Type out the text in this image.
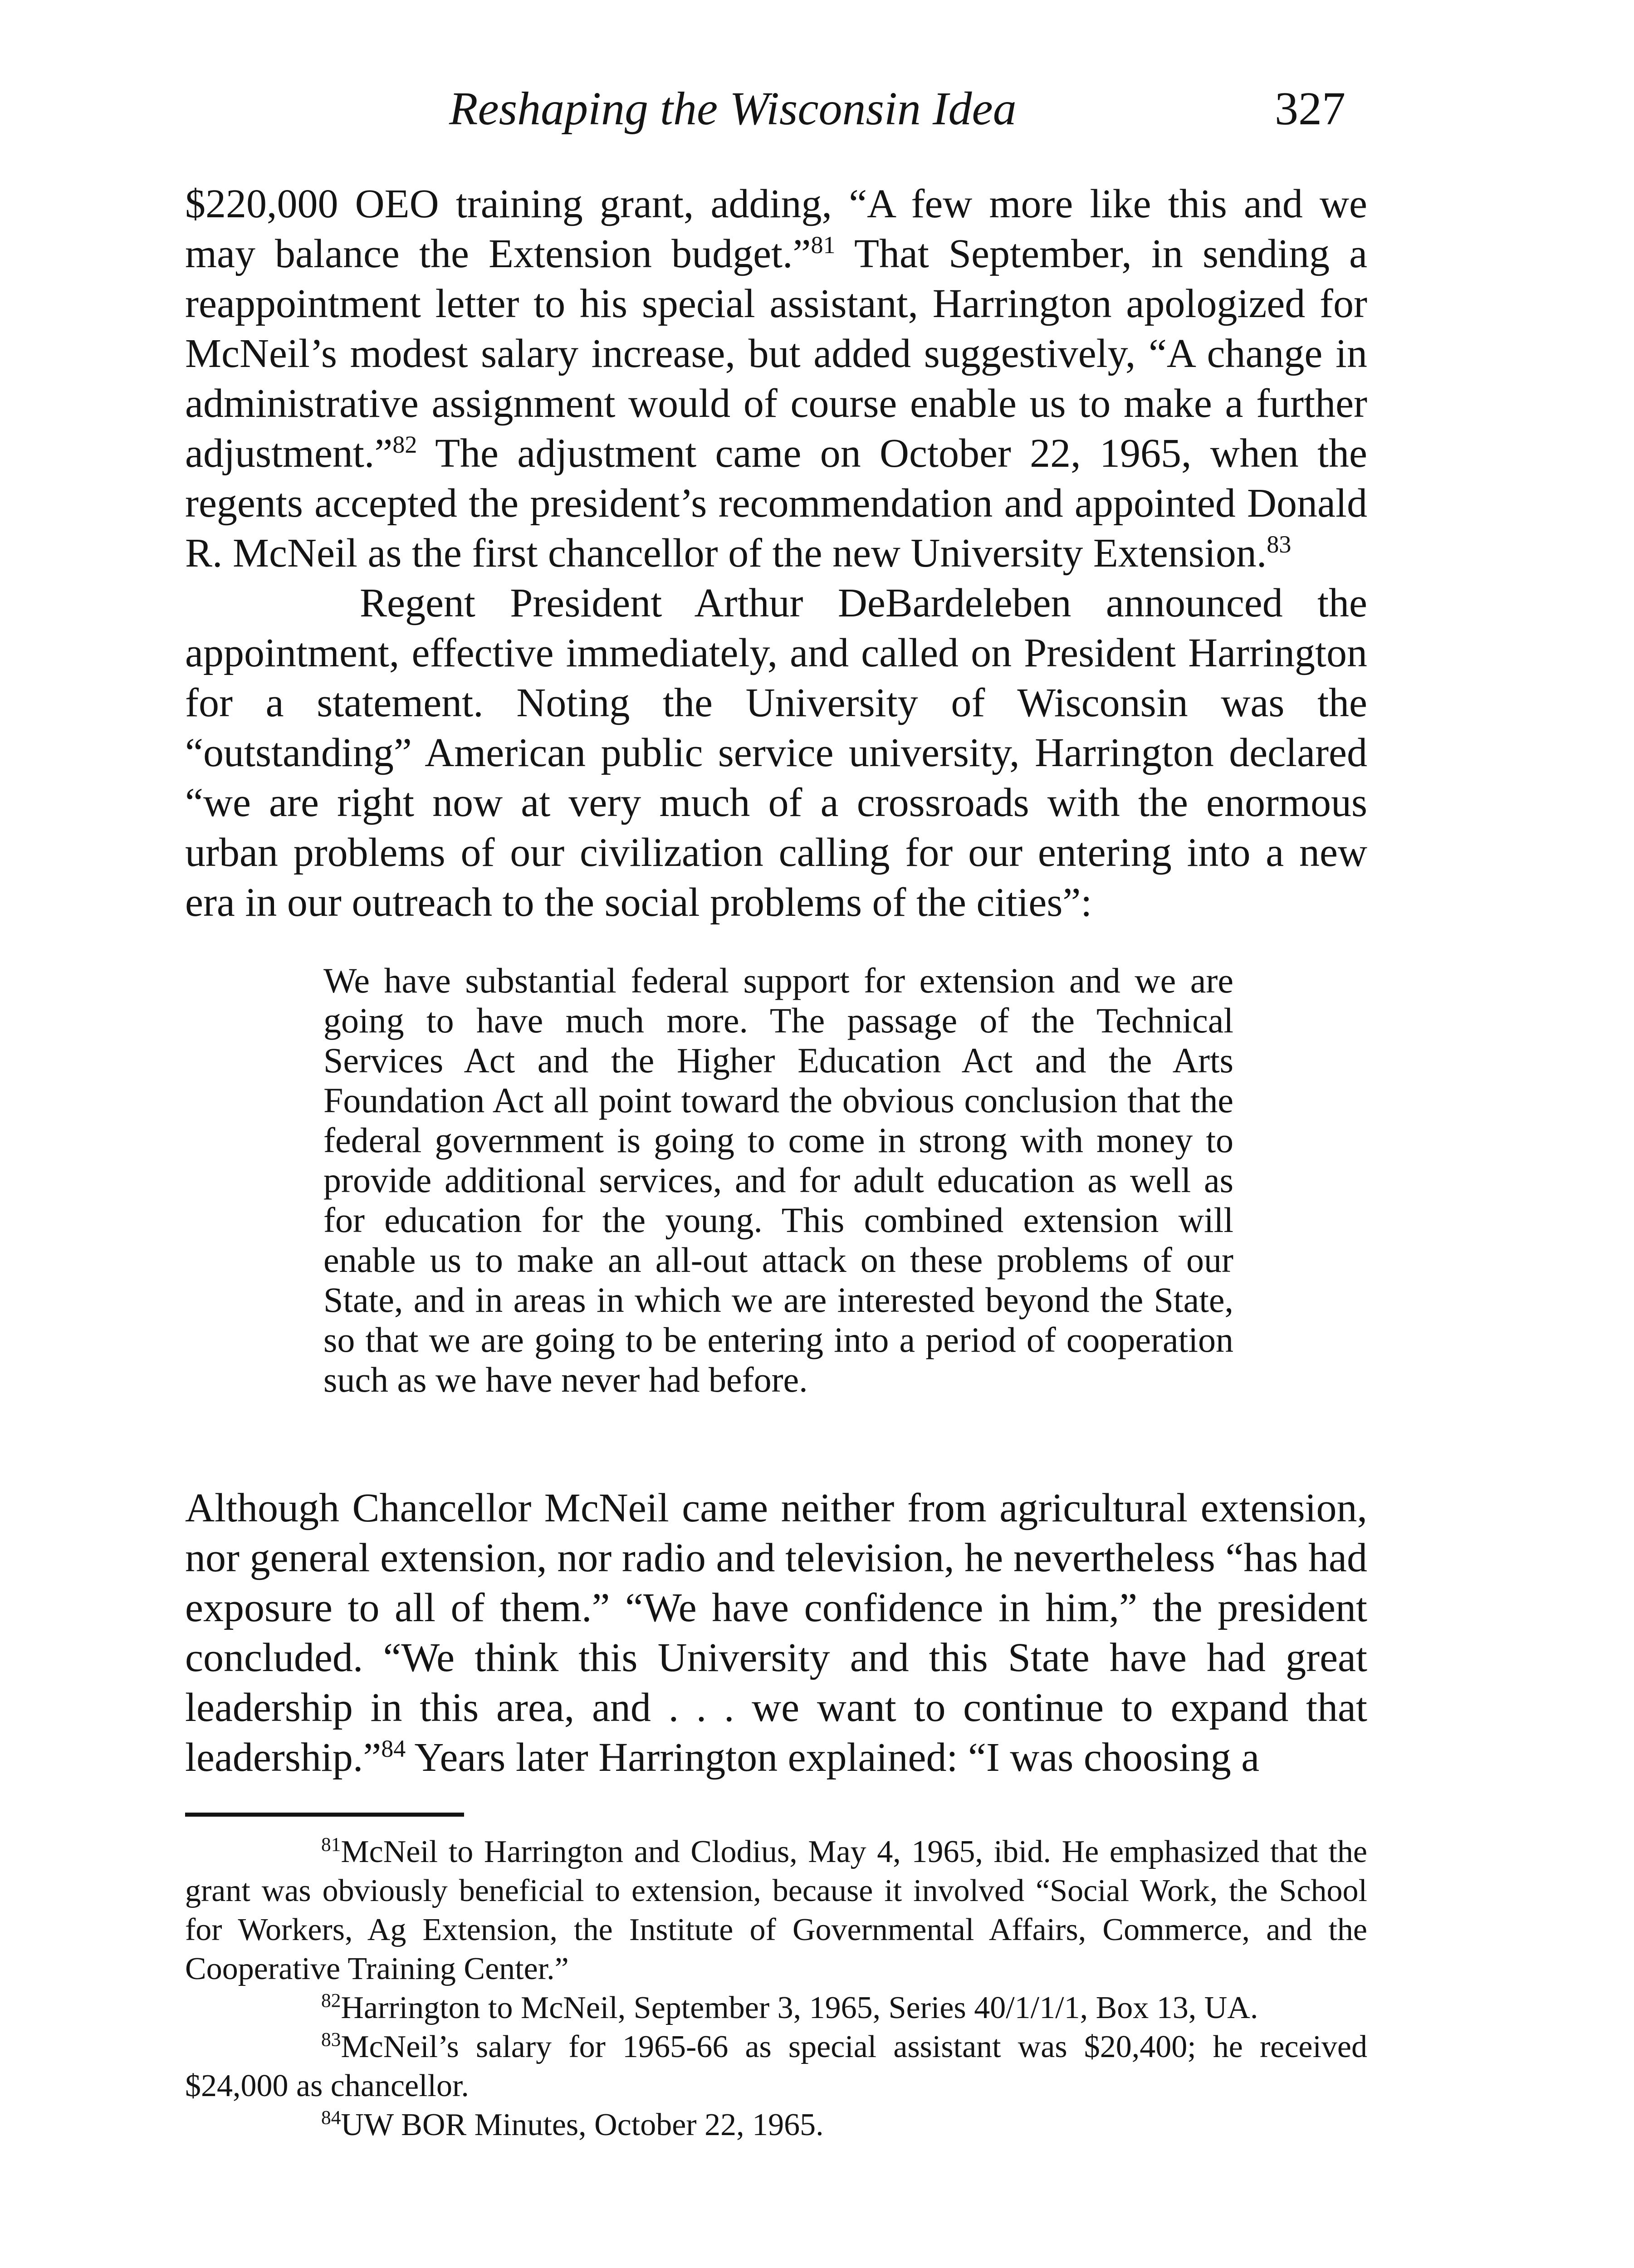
Reshaping the Wisconsin Idea	327

$220,000 OEO training grant, adding, “A few more like this and we may balance the Extension budget.”$^{81}$ That September, in sending a reappointment letter to his special assistant, Harrington apologized for McNeil’s modest salary increase, but added suggestively, “A change in administrative assignment would of course enable us to make a further adjustment.”$^{82}$ The adjustment came on October 22, 1965, when the regents accepted the president’s recommendation and appointed Donald R. McNeil as the first chancellor of the new University Extension.$^{83}$

Regent President Arthur DeBardeleben announced the appointment, effective immediately, and called on President Harrington for a statement. Noting the University of Wisconsin was the “outstanding” American public service university, Harrington declared “we are right now at very much of a crossroads with the enormous urban problems of our civilization calling for our entering into a new era in our outreach to the social problems of the cities”:

We have substantial federal support for extension and we are going to have much more. The passage of the Technical Services Act and the Higher Education Act and the Arts Foundation Act all point toward the obvious conclusion that the federal government is going to come in strong with money to provide additional services, and for adult education as well as for education for the young. This combined extension will enable us to make an all-out attack on these problems of our State, and in areas in which we are interested beyond the State, so that we are going to be entering into a period of cooperation such as we have never had before.

Although Chancellor McNeil came neither from agricultural extension, nor general extension, nor radio and television, he nevertheless “has had exposure to all of them.” “We have confidence in him,” the president concluded. “We think this University and this State have had great leadership in this area, and . . . we want to continue to expand that leadership.”$^{84}$ Years later Harrington explained: “I was choosing a

$^{81}$McNeil to Harrington and Clodius, May 4, 1965, ibid. He emphasized that the grant was obviously beneficial to extension, because it involved “Social Work, the School for Workers, Ag Extension, the Institute of Governmental Affairs, Commerce, and the Cooperative Training Center.”

$^{82}$Harrington to McNeil, September 3, 1965, Series 40/1/1/1, Box 13, UA.

$^{83}$McNeil’s salary for 1965-66 as special assistant was $20,400; he received $24,000 as chancellor.

$^{84}$UW BOR Minutes, October 22, 1965.
